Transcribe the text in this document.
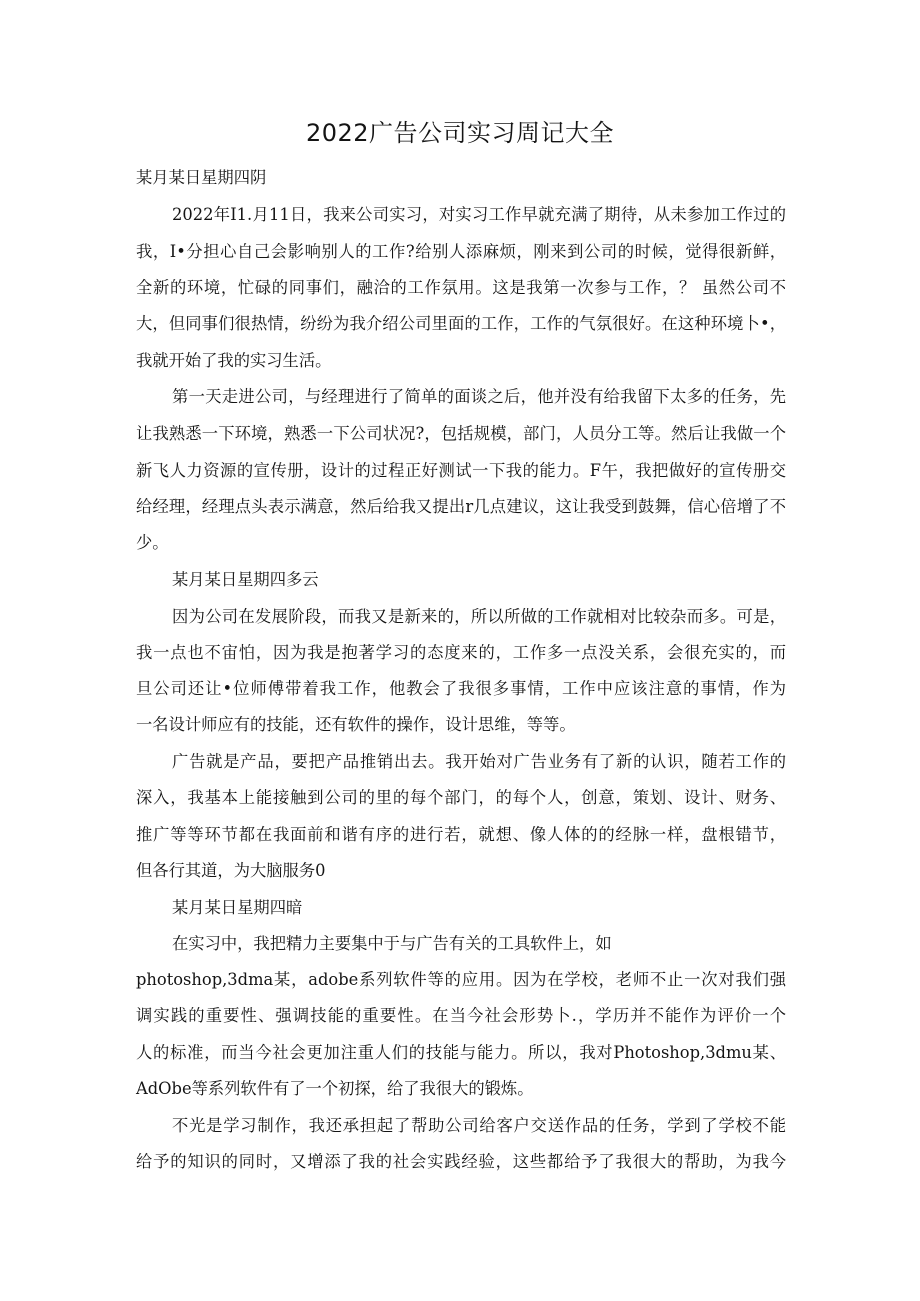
2022广告公司实习周记大全
某月某日星期四阴
2022年I1.月11日，我来公司实习，对实习工作早就充满了期待，从未参加工作过的
我，I•分担心自己会影响别人的工作?给别人添麻烦，刚来到公司的时候，觉得很新鲜，
全新的环境，忙碌的同事们，融洽的工作氛用。这是我第一次参与工作，？ 虽然公司不
大，但同事们很热情，纷纷为我介绍公司里面的工作，工作的气氛很好。在这种环境卜•，
我就开始了我的实习生活。
第一天走进公司，与经理进行了简单的面谈之后，他并没有给我留下太多的任务，先
让我熟悉一下环境，熟悉一下公司状况?，包括规模，部门，人员分工等。然后让我做一个
新飞人力资源的宣传册，设计的过程正好测试一下我的能力。F午，我把做好的宣传册交
给经理，经理点头表示满意，然后给我又提出r几点建议，这让我受到鼓舞，信心倍增了不
少。
某月某日星期四多云
因为公司在发展阶段，而我又是新来的，所以所做的工作就相对比较杂而多。可是，
我一点也不宙怕，因为我是抱著学习的态度来的，工作多一点没关系，会很充实的，而
旦公司还让•位师傅带着我工作，他教会了我很多事情，工作中应该注意的事情，作为
一名设计师应有的技能，还有软件的操作，设计思维，等等。
广告就是产品，要把产品推销出去。我开始对广告业务有了新的认识，随若工作的
深入，我基本上能接触到公司的里的每个部门，的每个人，创意，策划、设计、财务、
推广等等环节都在我面前和谐有序的进行若，就想、像人体的的经脉一样，盘根错节，
但各行其道，为大脑服务0
某月某日星期四暗
在实习中，我把精力主要集中于与广告有关的工具软件上，如
photoshop,3dma某，adobe系列软件等的应用。因为在学校，老师不止一次对我们强
调实践的重要性、强调技能的重要性。在当今社会形势卜.，学历并不能作为评价一个
人的标准，而当今社会更加注重人们的技能与能力。所以，我对Photoshop,3dmu某、
AdObe等系列软件有了一个初探，给了我很大的锻炼。
不光是学习制作，我还承担起了帮助公司给客户交送作品的任务，学到了学校不能
给予的知识的同时，又增添了我的社会实践经验，这些都给予了我很大的帮助，为我今
